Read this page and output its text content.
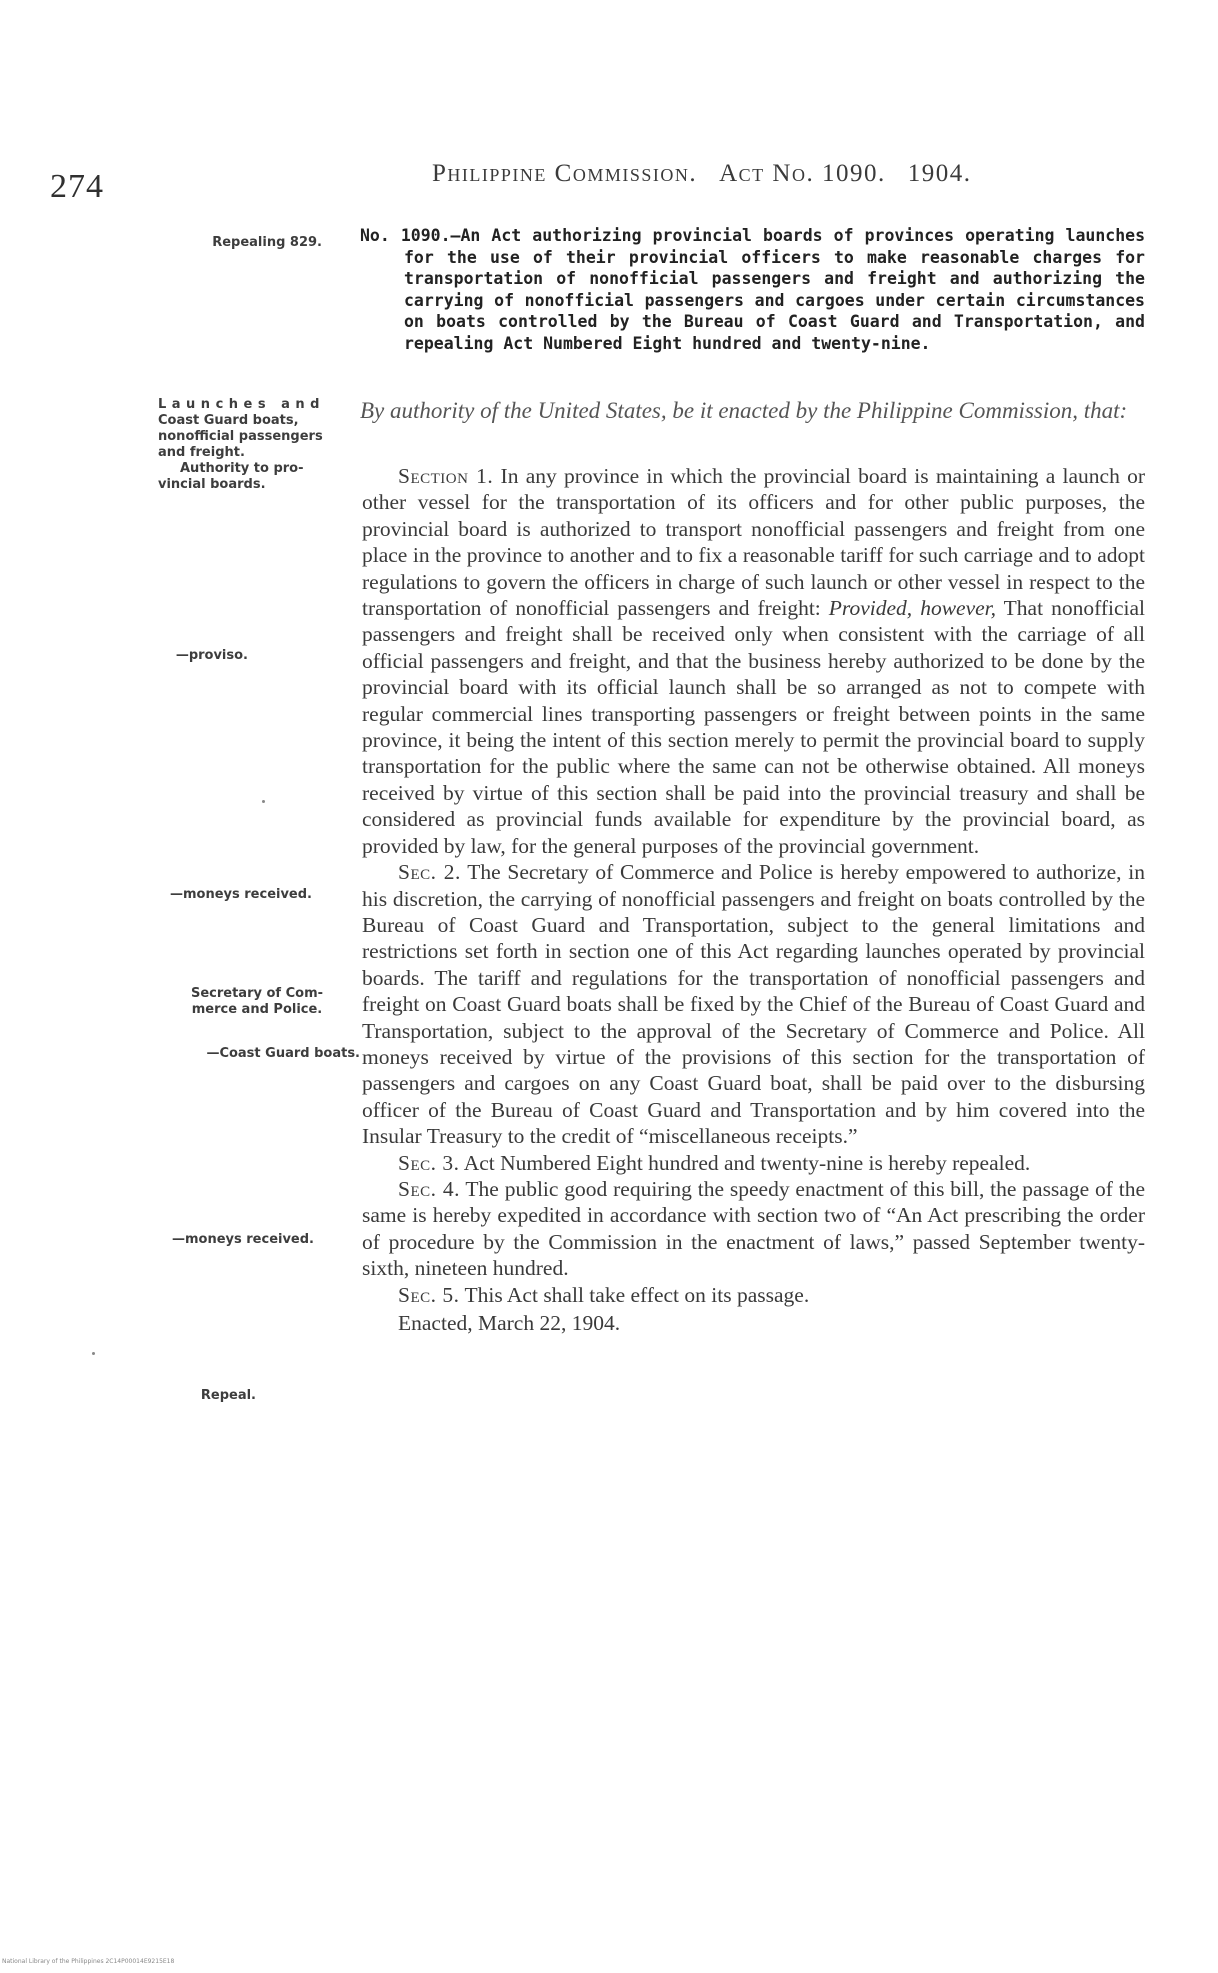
274	Philippine Commission. Act No. 1090. 1904.
Repealing 829.
Launches and
Coast Guard boats,
nonofficial passengers
and freight.
Authority to pro-
vincial boards.
—proviso.
—moneys received.
Secretary of Com-
merce and Police.
—Coast Guard boats.
—moneys received.
Repeal.

No. 1090.—An Act authorizing provincial boards of provinces operating launches for the use of their provincial officers to make reasonable charges for transportation of nonofficial passengers and freight and authorizing the carrying of nonofficial passengers and cargoes under certain circumstances on boats controlled by the Bureau of Coast Guard and Transportation, and repealing Act Numbered Eight hundred and twenty-nine.

By authority of the United States, be it enacted by the Philippine Commission, that:

Section 1. In any province in which the provincial board is maintaining a launch or other vessel for the transportation of its officers and for other public purposes, the provincial board is authorized to transport nonofficial passengers and freight from one place in the province to another and to fix a reasonable tariff for such carriage and to adopt regulations to govern the officers in charge of such launch or other vessel in respect to the transportation of nonofficial passengers and freight: Provided, however, That nonofficial passengers and freight shall be received only when consistent with the carriage of all official passengers and freight, and that the business hereby authorized to be done by the provincial board with its official launch shall be so arranged as not to compete with regular commercial lines transporting passengers or freight between points in the same province, it being the intent of this section merely to permit the provincial board to supply transportation for the public where the same can not be otherwise obtained. All moneys received by virtue of this section shall be paid into the provincial treasury and shall be considered as provincial funds available for expenditure by the provincial board, as provided by law, for the general purposes of the provincial government.

Sec. 2. The Secretary of Commerce and Police is hereby empowered to authorize, in his discretion, the carrying of nonofficial passengers and freight on boats controlled by the Bureau of Coast Guard and Transportation, subject to the general limitations and restrictions set forth in section one of this Act regarding launches operated by provincial boards. The tariff and regulations for the transportation of nonofficial passengers and freight on Coast Guard boats shall be fixed by the Chief of the Bureau of Coast Guard and Transportation, subject to the approval of the Secretary of Commerce and Police. All moneys received by virtue of the provisions of this section for the transportation of passengers and cargoes on any Coast Guard boat, shall be paid over to the disbursing officer of the Bureau of Coast Guard and Transportation and by him covered into the Insular Treasury to the credit of “miscellaneous receipts.”

Sec. 3. Act Numbered Eight hundred and twenty-nine is hereby repealed.

Sec. 4. The public good requiring the speedy enactment of this bill, the passage of the same is hereby expedited in accordance with section two of “An Act prescribing the order of procedure by the Commission in the enactment of laws,” passed September twenty-sixth, nineteen hundred.

Sec. 5. This Act shall take effect on its passage.

Enacted, March 22, 1904.

National Library of the Philippines 2C14P00014E9215E18
